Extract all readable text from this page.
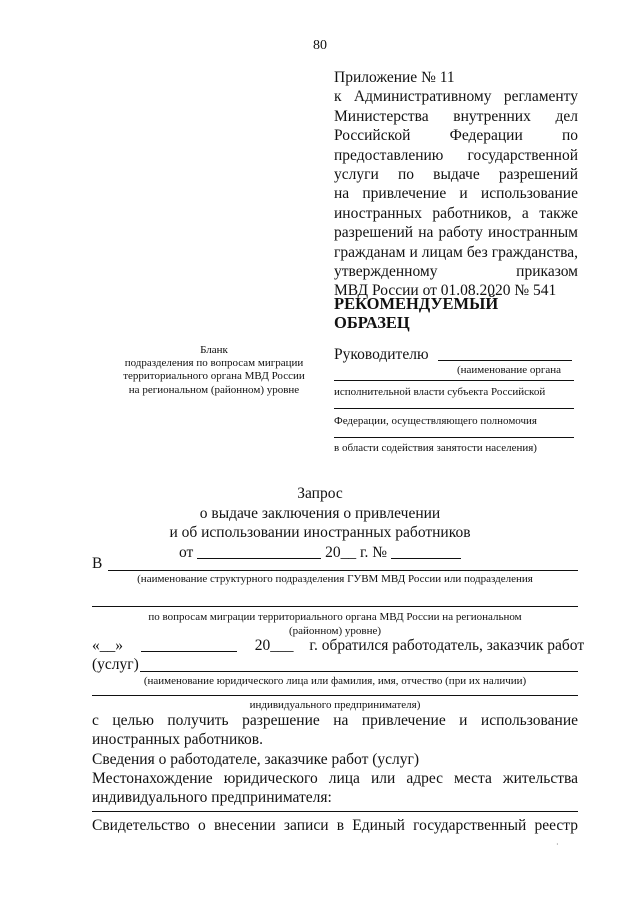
80
Приложение № 11
к Административному регламенту
Министерства внутренних дел
Российской Федерации по
предоставлению государственной
услуги по выдаче разрешений
на привлечение и использование
иностранных работников, а также
разрешений на работу иностранным
гражданам и лицам без гражданства,
утвержденному приказом
МВД России от 01.08.2020 № 541
РЕКОМЕНДУЕМЫЙ
ОБРАЗЕЦ
Бланк
подразделения по вопросам миграции
территориального органа МВД России
на региональном (районном) уровне
Руководителю
(наименование органа
исполнительной власти субъекта Российской
Федерации, осуществляющего полномочия
в области содействия занятости населения)
Запрос
о выдаче заключения о привлечении
и об использовании иностранных работников
от	20__ г. №
В
(наименование структурного подразделения ГУВМ МВД России или подразделения
по вопросам миграции территориального органа МВД России на региональном
(районном) уровне)
«__»	20___ г. обратился работодатель, заказчик работ
(услуг)
(наименование юридического лица или фамилия, имя, отчество (при их наличии)
индивидуального предпринимателя)
с целью получить разрешение на привлечение и использование
иностранных работников.
Сведения о работодателе, заказчике работ (услуг)
Местонахождение юридического лица или адрес места жительства
индивидуального предпринимателя:
Свидетельство о внесении записи в Единый государственный реестр
·
